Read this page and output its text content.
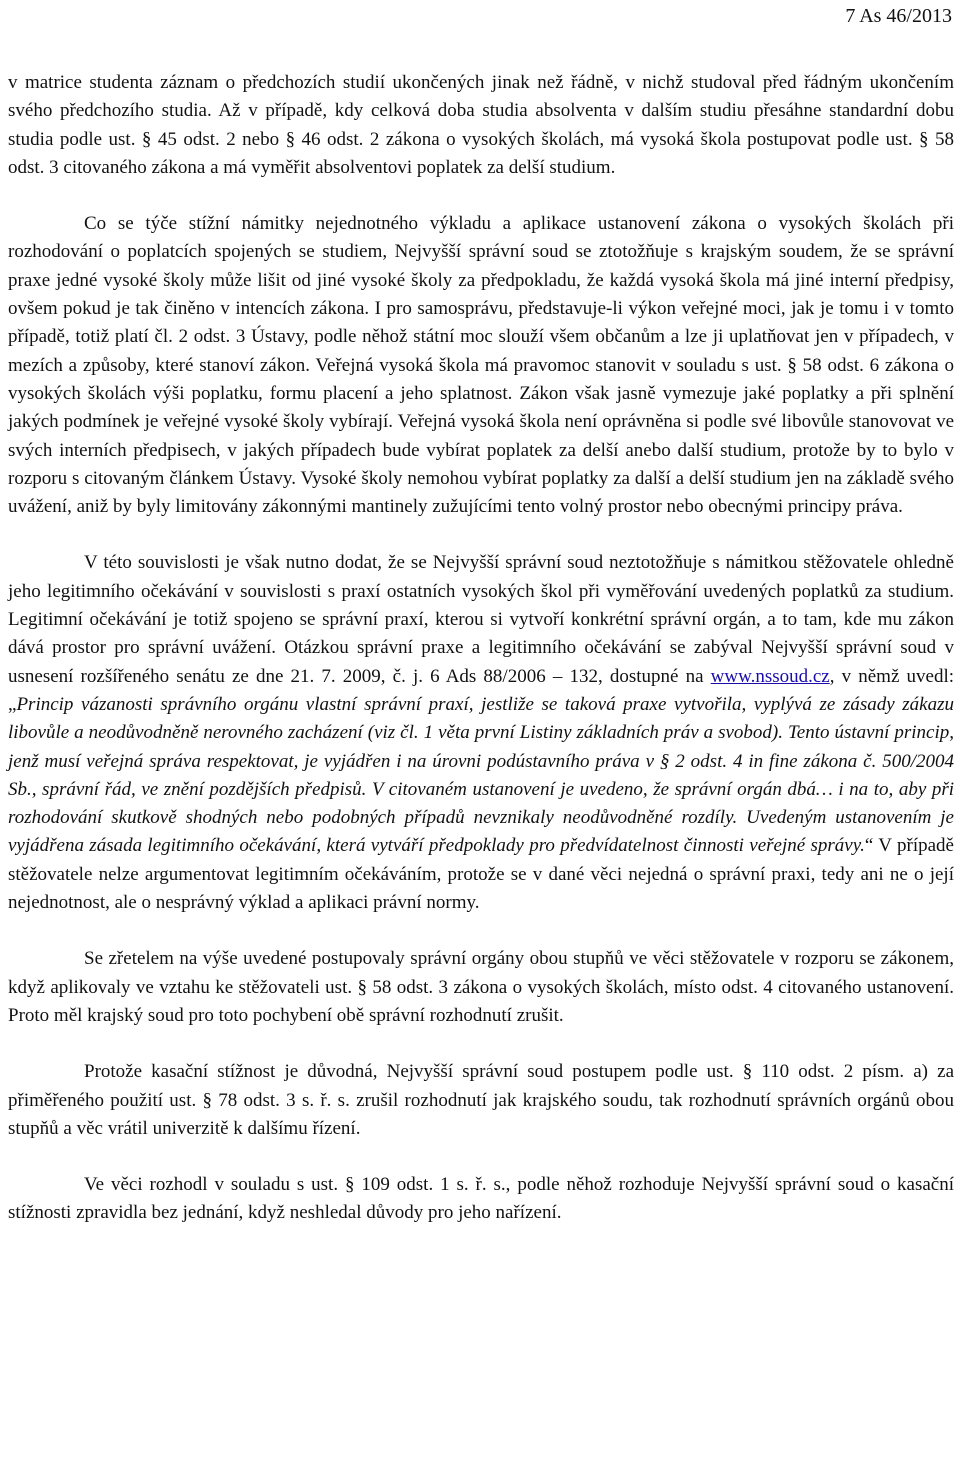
7 As 46/2013

v matrice studenta záznam o předchozích studií ukončených jinak než řádně, v nichž studoval před řádným ukončením svého předchozího studia. Až v případě, kdy celková doba studia absolventa v dalším studiu přesáhne standardní dobu studia podle ust. § 45 odst. 2 nebo § 46 odst. 2 zákona o vysokých školách, má vysoká škola postupovat podle ust. § 58 odst. 3 citovaného zákona a má vyměřit absolventovi poplatek za delší studium.

Co se týče stížní námitky nejednotného výkladu a aplikace ustanovení zákona o vysokých školách při rozhodování o poplatcích spojených se studiem, Nejvyšší správní soud se ztotožňuje s krajským soudem, že se správní praxe jedné vysoké školy může lišit od jiné vysoké školy za předpokladu, že každá vysoká škola má jiné interní předpisy, ovšem pokud je tak činěno v intencích zákona. I pro samosprávu, představuje-li výkon veřejné moci, jak je tomu i v tomto případě, totiž platí čl. 2 odst. 3 Ústavy, podle něhož státní moc slouží všem občanům a lze ji uplatňovat jen v případech, v mezích a způsoby, které stanoví zákon. Veřejná vysoká škola má pravomoc stanovit v souladu s ust. § 58 odst. 6 zákona o vysokých školách výši poplatku, formu placení a jeho splatnost. Zákon však jasně vymezuje jaké poplatky a při splnění jakých podmínek je veřejné vysoké školy vybírají. Veřejná vysoká škola není oprávněna si podle své libovůle stanovovat ve svých interních předpisech, v jakých případech bude vybírat poplatek za delší anebo další studium, protože by to bylo v rozporu s citovaným článkem Ústavy. Vysoké školy nemohou vybírat poplatky za další a delší studium jen na základě svého uvážení, aniž by byly limitovány zákonnými mantinely zužujícími tento volný prostor nebo obecnými principy práva.

V této souvislosti je však nutno dodat, že se Nejvyšší správní soud neztotožňuje s námitkou stěžovatele ohledně jeho legitimního očekávání v souvislosti s praxí ostatních vysokých škol při vyměřování uvedených poplatků za studium. Legitimní očekávání je totiž spojeno se správní praxí, kterou si vytvoří konkrétní správní orgán, a to tam, kde mu zákon dává prostor pro správní uvážení. Otázkou správní praxe a legitimního očekávání se zabýval Nejvyšší správní soud v usnesení rozšířeného senátu ze dne 21. 7. 2009, č. j. 6 Ads 88/2006 – 132, dostupné na www.nssoud.cz, v němž uvedl: „Princip vázanosti správního orgánu vlastní správní praxí, jestliže se taková praxe vytvořila, vyplývá ze zásady zákazu libovůle a neodůvodněně nerovného zacházení (viz čl. 1 věta první Listiny základních práv a svobod). Tento ústavní princip, jenž musí veřejná správa respektovat, je vyjádřen i na úrovni podústavního práva v § 2 odst. 4 in fine zákona č. 500/2004 Sb., správní řád, ve znění pozdějších předpisů. V citovaném ustanovení je uvedeno, že správní orgán dbá… i na to, aby při rozhodování skutkově shodných nebo podobných případů nevznikaly neodůvodněné rozdíly. Uvedeným ustanovením je vyjádřena zásada legitimního očekávání, která vytváří předpoklady pro předvídatelnost činnosti veřejné správy.“ V případě stěžovatele nelze argumentovat legitimním očekáváním, protože se v dané věci nejedná o správní praxi, tedy ani ne o její nejednotnost, ale o nesprávný výklad a aplikaci právní normy.

Se zřetelem na výše uvedené postupovaly správní orgány obou stupňů ve věci stěžovatele v rozporu se zákonem, když aplikovaly ve vztahu ke stěžovateli ust. § 58 odst. 3 zákona o vysokých školách, místo odst. 4 citovaného ustanovení. Proto měl krajský soud pro toto pochybení obě správní rozhodnutí zrušit.

Protože kasační stížnost je důvodná, Nejvyšší správní soud postupem podle ust. § 110 odst. 2 písm. a) za přiměřeného použití ust. § 78 odst. 3 s. ř. s. zrušil rozhodnutí jak krajského soudu, tak rozhodnutí správních orgánů obou stupňů a věc vrátil univerzitě k dalšímu řízení.

Ve věci rozhodl v souladu s ust. § 109 odst. 1 s. ř. s., podle něhož rozhoduje Nejvyšší správní soud o kasační stížnosti zpravidla bez jednání, když neshledal důvody pro jeho nařízení.
